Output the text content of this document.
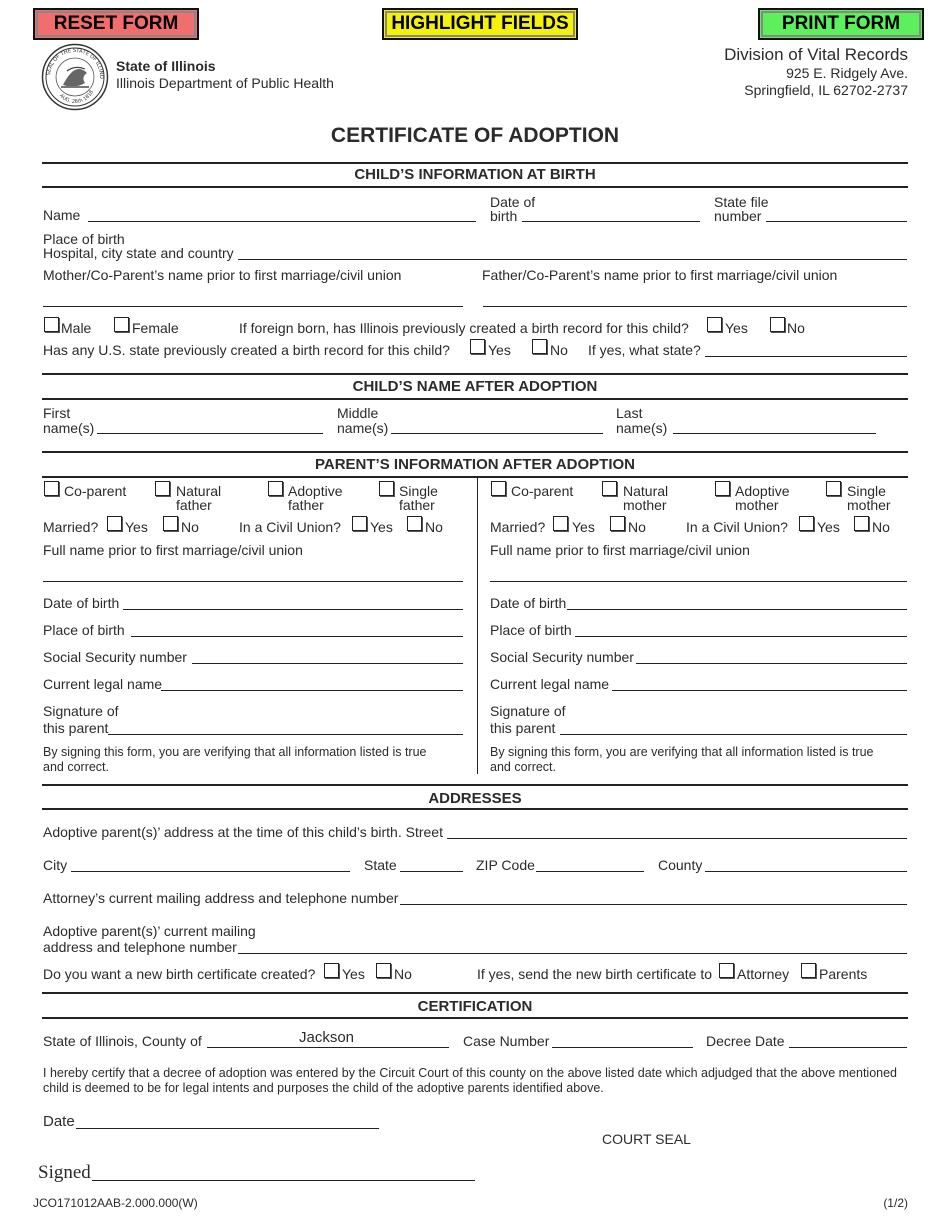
RESET FORM	HIGHLIGHT FIELDS	PRINT FORM
SEAL OF THE STATE OF ILLINO
AUG. 26th 1818
State of Illinois
Illinois Department of Public Health
Division of Vital Records
925 E. Ridgely Ave.
Springfield, IL 62702-2737
CERTIFICATE OF ADOPTION
CHILD’S INFORMATION AT BIRTH
Name
Date of
birth
State file
number
Place of birth
Hospital, city state and country
Mother/Co-Parent’s name prior to first marriage/civil union	Father/Co-Parent’s name prior to first marriage/civil union
Male	Female	If foreign born, has Illinois previously created a birth record for this child?	Yes	No
Has any U.S. state previously created a birth record for this child?	Yes	No If yes, what state?
CHILD’S NAME AFTER ADOPTION
First
name(s)
Middle
name(s)
Last
name(s)
PARENT’S INFORMATION AFTER ADOPTION
Co-parent	Natural
father
Adoptive
father
Single
father
Married? Yes No	In a Civil Union? Yes No
Full name prior to first marriage/civil union
Date of birth
Place of birth
Social Security number
Current legal name
Signature of
this parent
By signing this form, you are verifying that all information listed is true and correct.
Co-parent	Natural
mother
Adoptive
mother
Single
mother
Married? Yes No	In a Civil Union? Yes No
Full name prior to first marriage/civil union
Date of birth
Place of birth
Social Security number
Current legal name
Signature of
this parent
By signing this form, you are verifying that all information listed is true and correct.
ADDRESSES
Adoptive parent(s)’ address at the time of this child’s birth. Street
City	State	ZIP Code	County
Attorney’s current mailing address and telephone number
Adoptive parent(s)’ current mailing
address and telephone number
Do you want a new birth certificate created? Yes No	If yes, send the new birth certificate to Attorney Parents
CERTIFICATION
State of Illinois, County of	Jackson	Case Number	Decree Date
I hereby certify that a decree of adoption was entered by the Circuit Court of this county on the above listed date which adjudged that the above mentioned child is deemed to be for legal intents and purposes the child of the adoptive parents identified above.
Date
COURT SEAL
Signed
JCO171012AAB-2.000.000(W)	(1/2)
